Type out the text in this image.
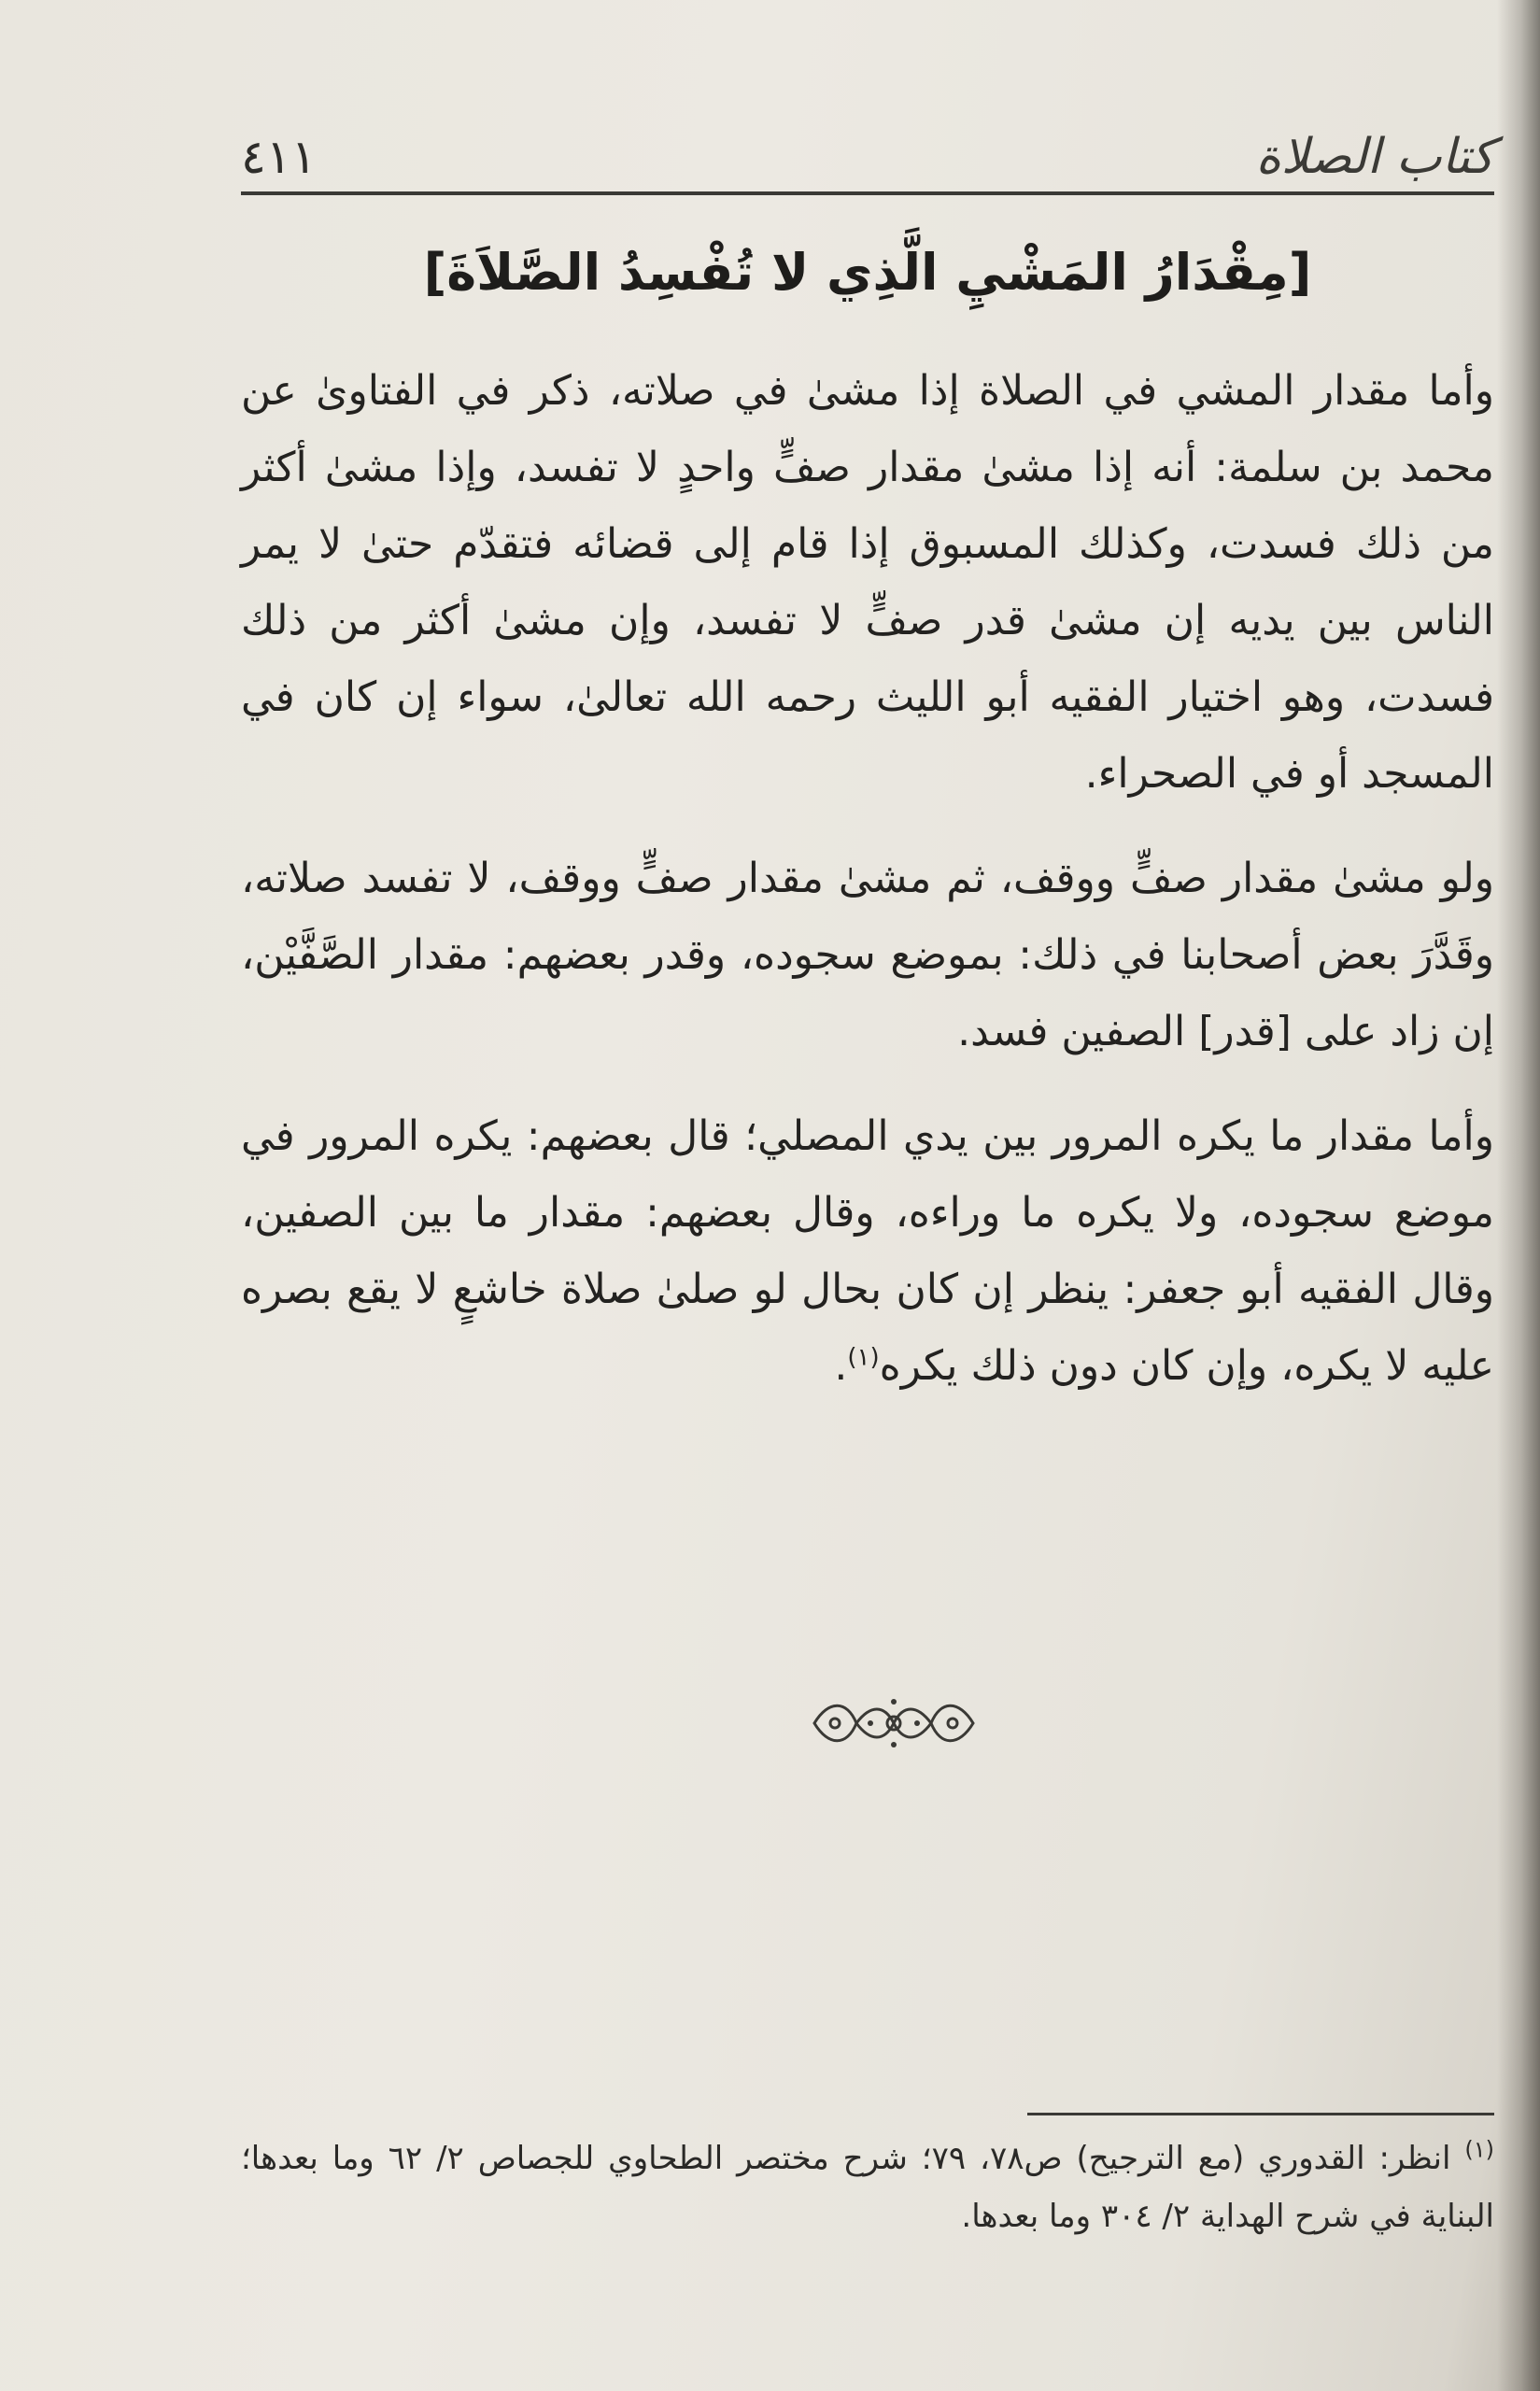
كتاب الصلاة
٤١١
[مِقْدَارُ المَشْيِ الَّذِي لا تُفْسِدُ الصَّلاَةَ]

وأما مقدار المشي في الصلاة إذا مشىٰ في صلاته، ذكر في الفتاوىٰ عن محمد بن سلمة: أنه إذا مشىٰ مقدار صفٍّ واحدٍ لا تفسد، وإذا مشىٰ أكثر من ذلك فسدت، وكذلك المسبوق إذا قام إلى قضائه فتقدّم حتىٰ لا يمر الناس بين يديه إن مشىٰ قدر صفٍّ لا تفسد، وإن مشىٰ أكثر من ذلك فسدت، وهو اختيار الفقيه أبو الليث رحمه الله تعالىٰ، سواء إن كان في المسجد أو في الصحراء.

ولو مشىٰ مقدار صفٍّ ووقف، ثم مشىٰ مقدار صفٍّ ووقف، لا تفسد صلاته، وقَدَّرَ بعض أصحابنا في ذلك: بموضع سجوده، وقدر بعضهم: مقدار الصَّفَّيْن، إن زاد على [قدر] الصفين فسد.

وأما مقدار ما يكره المرور بين يدي المصلي؛ قال بعضهم: يكره المرور في موضع سجوده، ولا يكره ما وراءه، وقال بعضهم: مقدار ما بين الصفين، وقال الفقيه أبو جعفر: ينظر إن كان بحال لو صلىٰ صلاة خاشعٍ لا يقع بصره عليه لا يكره، وإن كان دون ذلك يكره$^{(١)}$.

$^{(١)}$ انظر: القدوري (مع الترجيح) ص٧٨، ٧٩؛ شرح مختصر الطحاوي للجصاص ٢/ ٦٢ وما بعدها؛ البناية في شرح الهداية ٢/ ٣٠٤ وما بعدها.
